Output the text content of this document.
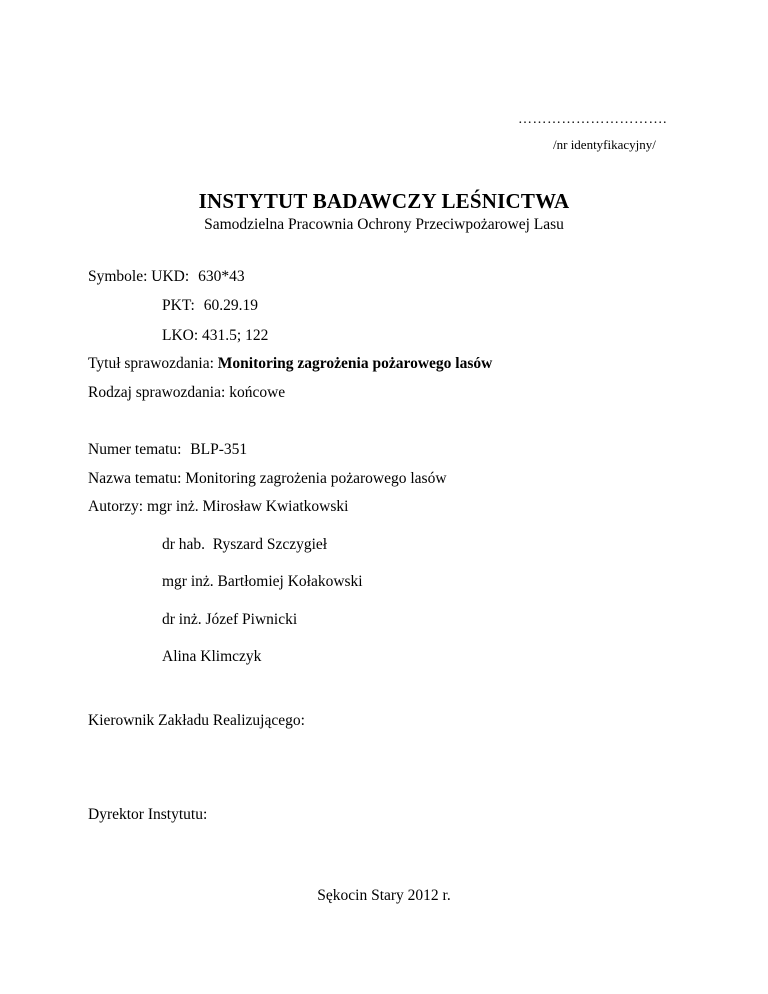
………………………….
/nr identyfikacyjny/
INSTYTUT BADAWCZY LEŚNICTWA
Samodzielna Pracownia Ochrony Przeciwpożarowej Lasu
Symbole: UKD: 630*43
PKT: 60.29.19
LKO: 431.5; 122
Tytuł sprawozdania: Monitoring zagrożenia pożarowego lasów
Rodzaj sprawozdania: końcowe
Numer tematu: BLP-351
Nazwa tematu: Monitoring zagrożenia pożarowego lasów
Autorzy: mgr inż. Mirosław Kwiatkowski
dr hab.  Ryszard Szczygieł
mgr inż. Bartłomiej Kołakowski
dr inż. Józef Piwnicki
Alina Klimczyk
Kierownik Zakładu Realizującego:
Dyrektor Instytutu:
Sękocin Stary 2012 r.
